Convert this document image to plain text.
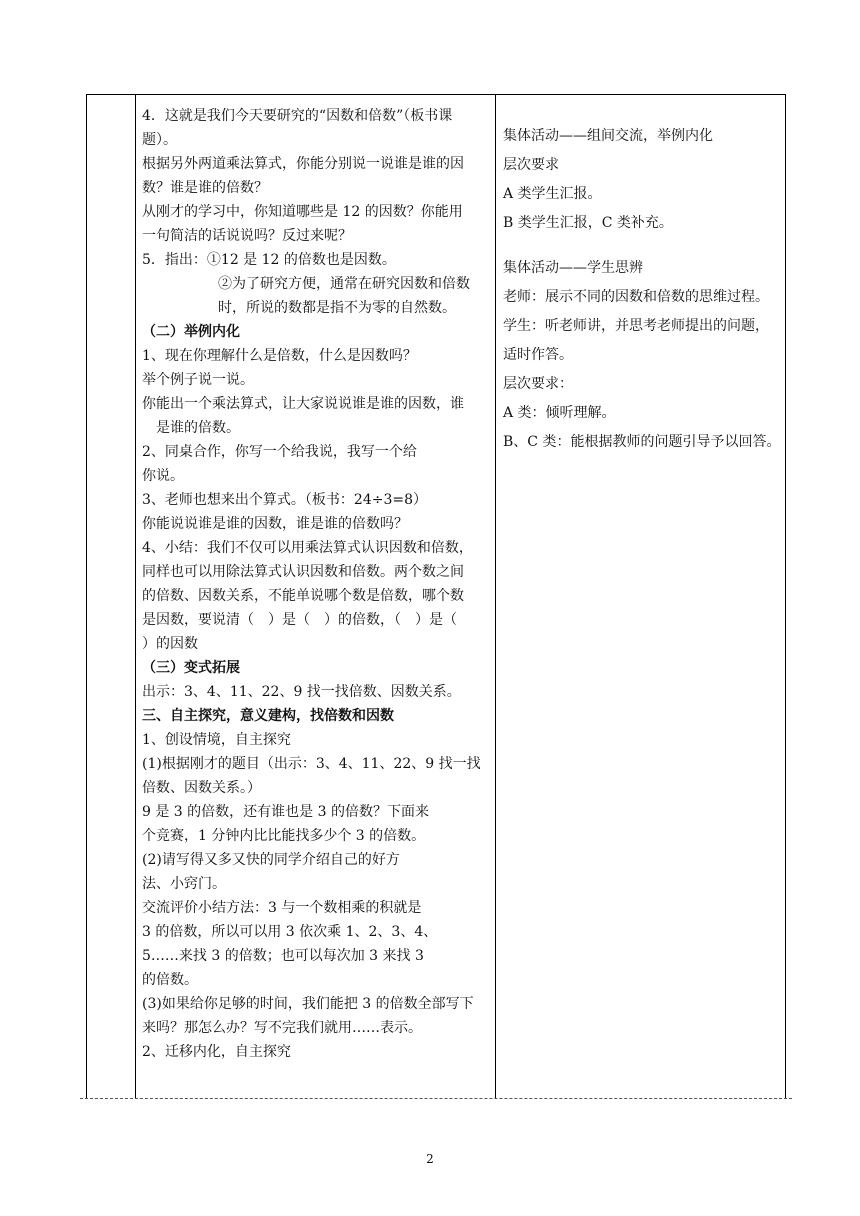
4．这就是我们今天要研究的“因数和倍数”（板书课
题）。
根据另外两道乘法算式，你能分别说一说谁是谁的因
数？谁是谁的倍数？
从刚才的学习中，你知道哪些是 12 的因数？你能用
一句简洁的话说说吗？反过来呢？
5．指出：①12 是 12 的倍数也是因数。
②为了研究方便，通常在研究因数和倍数
时，所说的数都是指不为零的自然数。
（二）举例内化
1、现在你理解什么是倍数，什么是因数吗？
举个例子说一说。
你能出一个乘法算式，让大家说说谁是谁的因数，谁
是谁的倍数。
2、同桌合作，你写一个给我说，我写一个给
你说。
3、老师也想来出个算式。（板书：24÷3=8）
你能说说谁是谁的因数，谁是谁的倍数吗？
4、小结：我们不仅可以用乘法算式认识因数和倍数，
同样也可以用除法算式认识因数和倍数。两个数之间
的倍数、因数关系，不能单说哪个数是倍数，哪个数
是因数，要说清（　）是（　）的倍数，（　）是（
）的因数
（三）变式拓展
出示：3、4、11、22、9 找一找倍数、因数关系。
三、自主探究，意义建构，找倍数和因数
1、创设情境，自主探究
(1)根据刚才的题目（出示：3、4、11、22、9 找一找
倍数、因数关系。）
9 是 3 的倍数，还有谁也是 3 的倍数？下面来
个竞赛，1 分钟内比比能找多少个 3 的倍数。
(2)请写得又多又快的同学介绍自己的好方
法、小窍门。
交流评价小结方法：3 与一个数相乘的积就是
3 的倍数，所以可以用 3 依次乘 1、2、3、4、
5……来找 3 的倍数；也可以每次加 3 来找 3
的倍数。
(3)如果给你足够的时间，我们能把 3 的倍数全部写下
来吗？那怎么办？写不完我们就用……表示。
2、迁移内化，自主探究
集体活动——组间交流，举例内化
层次要求
A 类学生汇报。
B 类学生汇报，C 类补充。
集体活动——学生思辨
老师：展示不同的因数和倍数的思维过程。
学生：听老师讲，并思考老师提出的问题，
适时作答。
层次要求：
A 类：倾听理解。
B、C 类：能根据教师的问题引导予以回答。
2
